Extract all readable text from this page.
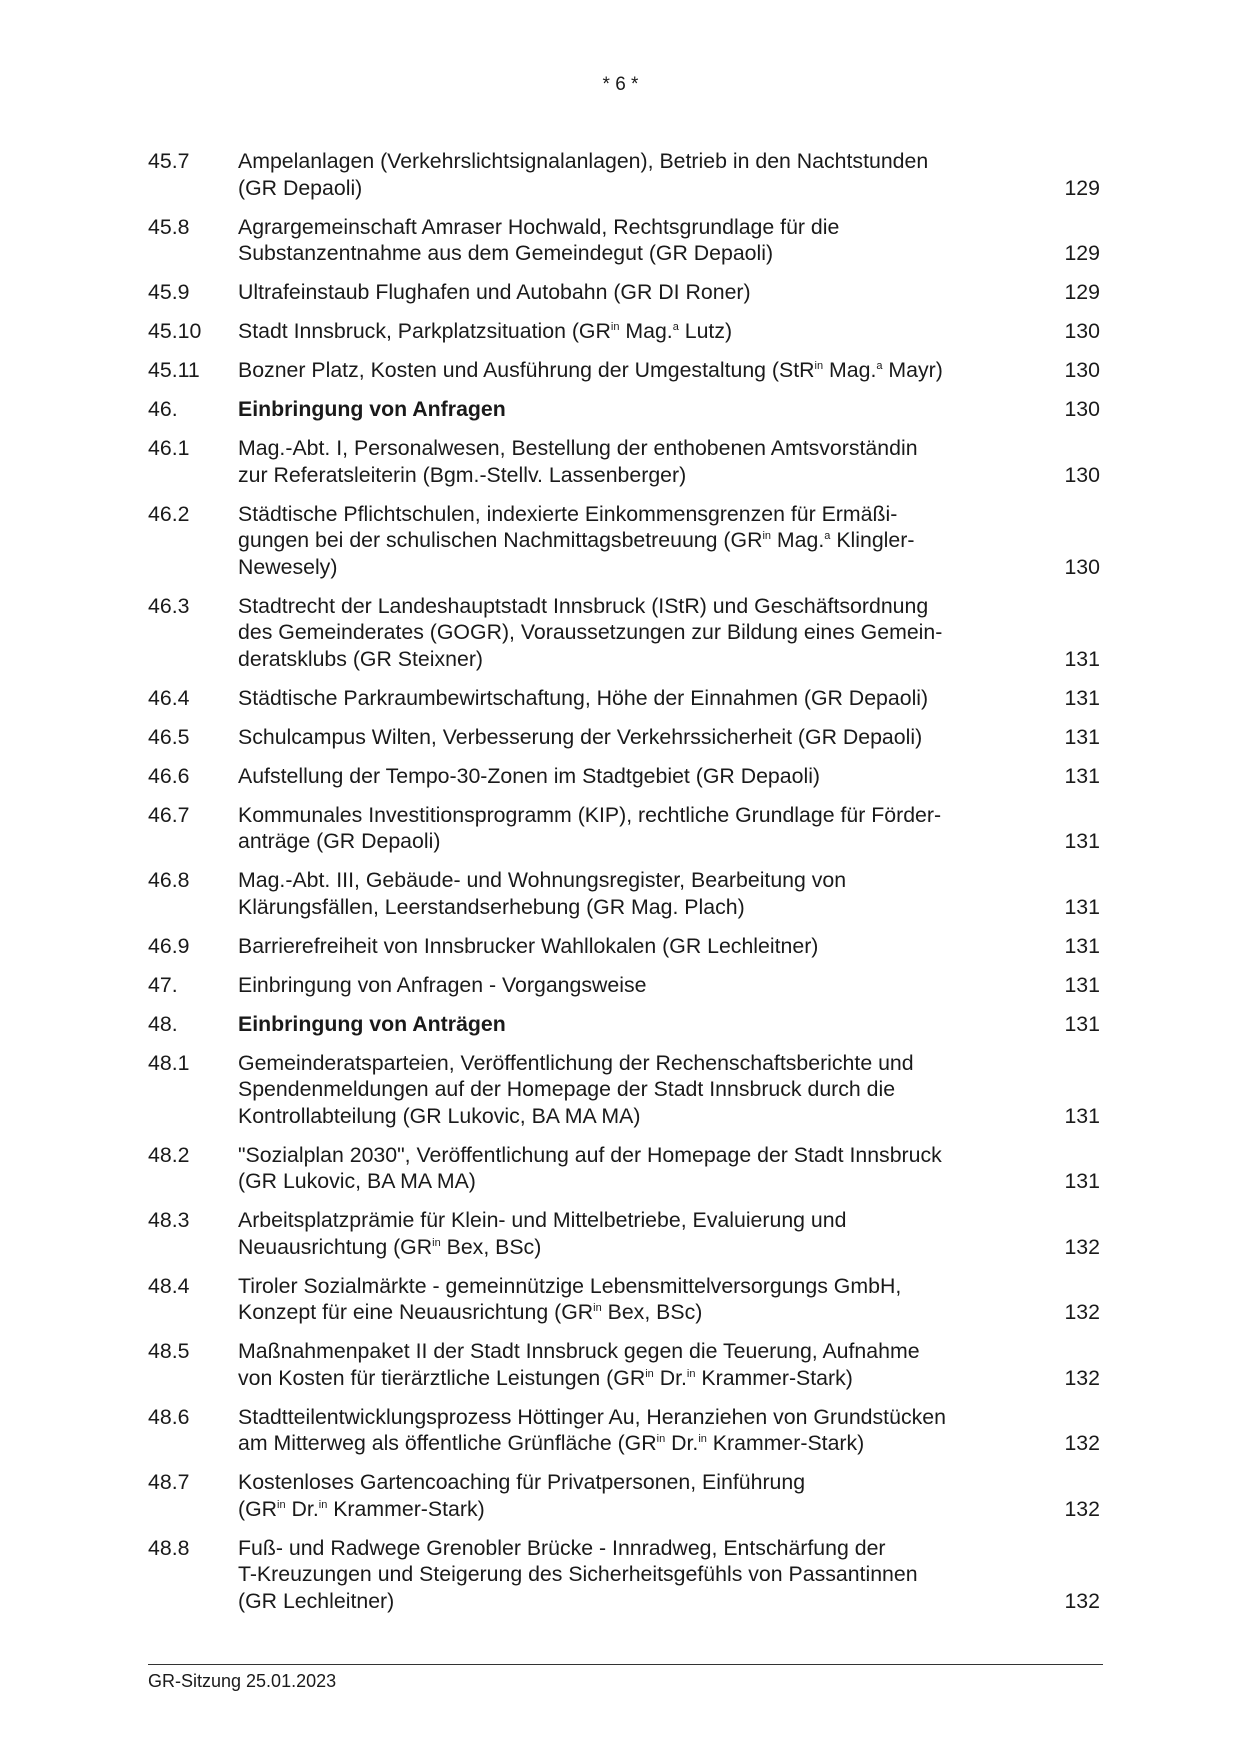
* 6 *
45.7	Ampelanlagen (Verkehrslichtsignalanlagen), Betrieb in den Nachtstunden
(GR Depaoli)	129
45.8	Agrargemeinschaft Amraser Hochwald, Rechtsgrundlage für die
Substanzentnahme aus dem Gemeindegut (GR Depaoli)	129
45.9	Ultrafeinstaub Flughafen und Autobahn (GR DI Roner)	129
45.10	Stadt Innsbruck, Parkplatzsituation ($GR^{in}$ Mag.$^a$ Lutz)	130
45.11	Bozner Platz, Kosten und Ausführung der Umgestaltung (StR$^{in}$ Mag.$^a$ Mayr)	130
46.	Einbringung von Anfragen	130
46.1	Mag.-Abt. I, Personalwesen, Bestellung der enthobenen Amtsvorständin
zur Referatsleiterin (Bgm.-Stellv. Lassenberger)	130
46.2	Städtische Pflichtschulen, indexierte Einkommensgrenzen für Ermäßi-
gungen bei der schulischen Nachmittagsbetreuung ($GR^{in}$ Mag.$^a$ Klingler-
Newesely)	130
46.3	Stadtrecht der Landeshauptstadt Innsbruck (IStR) und Geschäftsordnung
des Gemeinderates (GOGR), Voraussetzungen zur Bildung eines Gemein-
deratsklubs (GR Steixner)	131
46.4	Städtische Parkraumbewirtschaftung, Höhe der Einnahmen (GR Depaoli)	131
46.5	Schulcampus Wilten, Verbesserung der Verkehrssicherheit (GR Depaoli)	131
46.6	Aufstellung der Tempo-30-Zonen im Stadtgebiet (GR Depaoli)	131
46.7	Kommunales Investitionsprogramm (KIP), rechtliche Grundlage für Förder-
anträge (GR Depaoli)	131
46.8	Mag.-Abt. III, Gebäude- und Wohnungsregister, Bearbeitung von
Klärungsfällen, Leerstandserhebung (GR Mag. Plach)	131
46.9	Barrierefreiheit von Innsbrucker Wahllokalen (GR Lechleitner)	131
47.	Einbringung von Anfragen - Vorgangsweise	131
48.	Einbringung von Anträgen	131
48.1	Gemeinderatsparteien, Veröffentlichung der Rechenschaftsberichte und
Spendenmeldungen auf der Homepage der Stadt Innsbruck durch die
Kontrollabteilung (GR Lukovic, BA MA MA)	131
48.2	"Sozialplan 2030", Veröffentlichung auf der Homepage der Stadt Innsbruck
(GR Lukovic, BA MA MA)	131
48.3	Arbeitsplatzprämie für Klein- und Mittelbetriebe, Evaluierung und
Neuausrichtung ($GR^{in}$ Bex, BSc)	132
48.4	Tiroler Sozialmärkte - gemeinnützige Lebensmittelversorgungs GmbH,
Konzept für eine Neuausrichtung ($GR^{in}$ Bex, BSc)	132
48.5	Maßnahmenpaket II der Stadt Innsbruck gegen die Teuerung, Aufnahme
von Kosten für tierärztliche Leistungen ($GR^{in}$ Dr.$^{in}$ Krammer-Stark)	132
48.6	Stadtteilentwicklungsprozess Höttinger Au, Heranziehen von Grundstücken
am Mitterweg als öffentliche Grünfläche ($GR^{in}$ Dr.$^{in}$ Krammer-Stark)	132
48.7	Kostenloses Gartencoaching für Privatpersonen, Einführung
($GR^{in}$ Dr.$^{in}$ Krammer-Stark)	132
48.8	Fuß- und Radwege Grenobler Brücke - Innradweg, Entschärfung der
T-Kreuzungen und Steigerung des Sicherheitsgefühls von Passantinnen
(GR Lechleitner)	132
GR-Sitzung 25.01.2023
